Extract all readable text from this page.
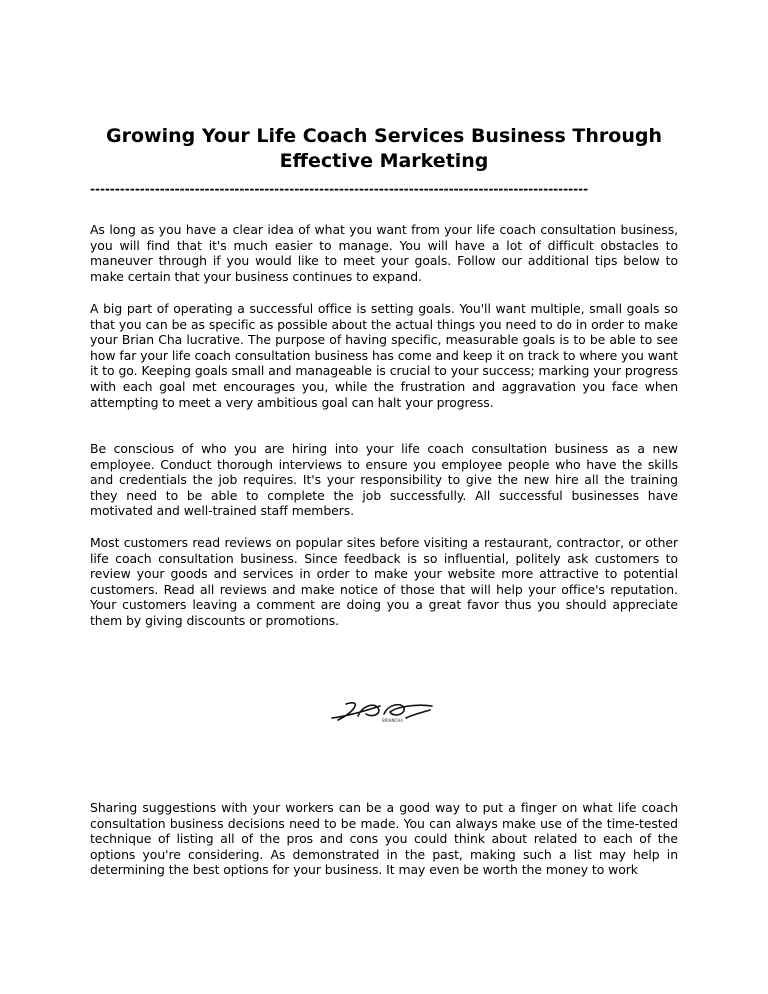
Growing Your Life Coach Services Business Through Effective Marketing
----------------------------------------------------------------------------------------------------

As long as you have a clear idea of what you want from your life coach consultation business, you will find that it's much easier to manage. You will have a lot of difficult obstacles to maneuver through if you would like to meet your goals. Follow our additional tips below to make certain that your business continues to expand.

A big part of operating a successful office is setting goals. You'll want multiple, small goals so that you can be as specific as possible about the actual things you need to do in order to make your Brian Cha lucrative. The purpose of having specific, measurable goals is to be able to see how far your life coach consultation business has come and keep it on track to where you want it to go. Keeping goals small and manageable is crucial to your success; marking your progress with each goal met encourages you, while the frustration and aggravation you face when attempting to meet a very ambitious goal can halt your progress.

Be conscious of who you are hiring into your life coach consultation business as a new employee. Conduct thorough interviews to ensure you employee people who have the skills and credentials the job requires. It's your responsibility to give the new hire all the training they need to be able to complete the job successfully. All successful businesses have motivated and well-trained staff members.

Most customers read reviews on popular sites before visiting a restaurant, contractor, or other life coach consultation business. Since feedback is so influential, politely ask customers to review your goods and services in order to make your website more attractive to potential customers. Read all reviews and make notice of those that will help your office's reputation. Your customers leaving a comment are doing you a great favor thus you should appreciate them by giving discounts or promotions.

BRIANCHA

Sharing suggestions with your workers can be a good way to put a finger on what life coach consultation business decisions need to be made. You can always make use of the time-tested technique of listing all of the pros and cons you could think about related to each of the options you're considering. As demonstrated in the past, making such a list may help in determining the best options for your business. It may even be worth the money to work
